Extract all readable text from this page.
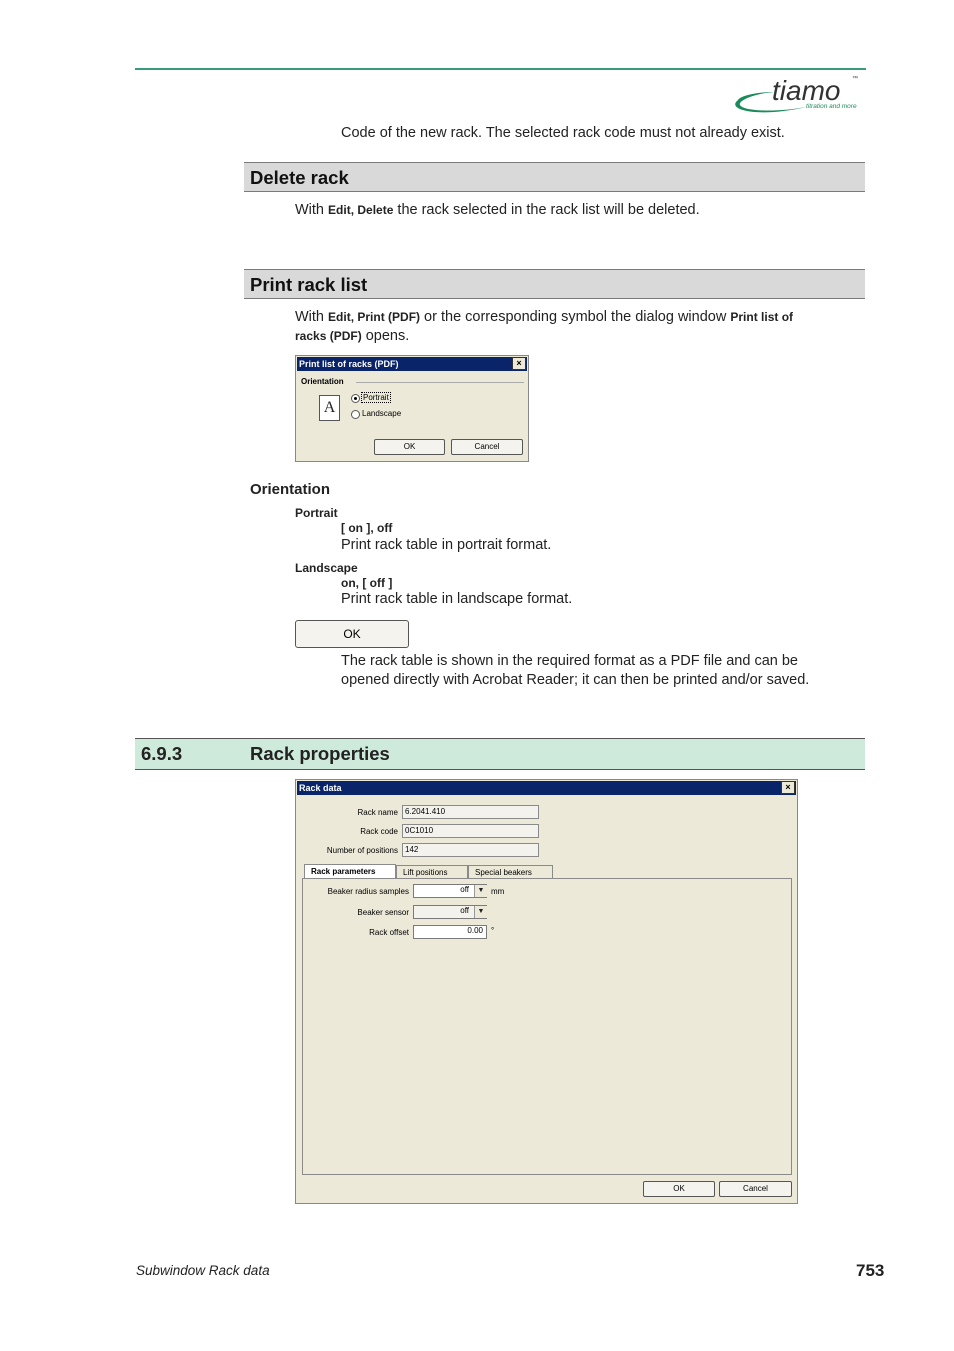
tiamo ™
titration and more
Code of the new rack. The selected rack code must not already exist.
Delete rack
With Edit, Delete the rack selected in the rack list will be deleted.
Print rack list
With Edit, Print (PDF) or the corresponding symbol the dialog window Print list of
racks (PDF) opens.
Print list of racks (PDF)	×
Orientation
A
Portrait
Landscape
OK	Cancel
Orientation
Portrait
[ on ], off
Print rack table in portrait format.
Landscape
on, [ off ]
Print rack table in landscape format.
OK
The rack table is shown in the required format as a PDF file and can be
opened directly with Acrobat Reader; it can then be printed and/or saved.
6.9.3	Rack properties
Rack data	×
Rack name 6.2041.410
Rack code 0C1010
Number of positions 142
Rack parameters	Lift positions	Special beakers
Beaker radius samples	off	▼ mm
Beaker sensor	off	▼
Rack offset	0.00	°
OK	Cancel
Subwindow Rack data	753
